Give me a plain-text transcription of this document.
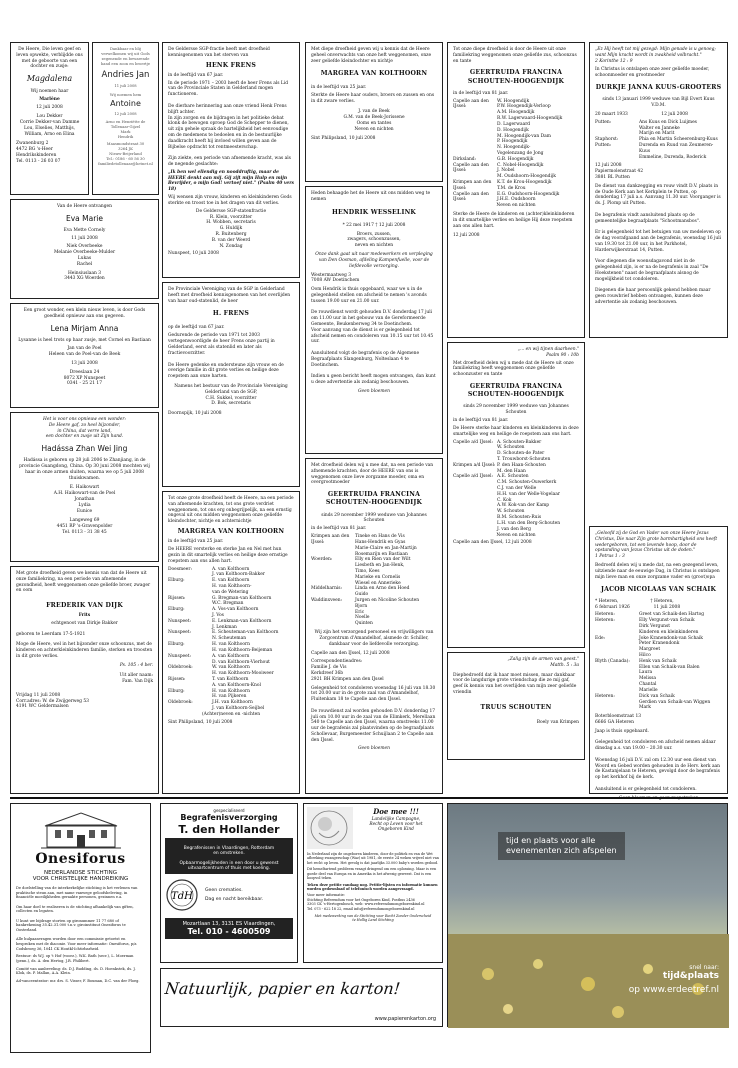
De Heere, Die leven geef en leven opwekte, verblijdde ons met de geboorte van een dochter en zusje:

Magdalena

Wij noemen haar

Marlène

12 juli 2008

Lou Dekker
Corrie Dekker-van Damme
Lou, Elselies, Matthijs, William, Arno en Elina

Zwanenburg 2
4472 BG 's-Heer Hendrikskinderen
Tel. 0113 - 26 03 07

Dankbaar en blij verwelkomen wij uit Gods zegenende en bewarende hand een zoon en broertje

Andries Jan

11 juli 2008

Wij noemen hem

Antoine

12 juli 2008

Arno en Henriëtte de Tollenaar-Gijzel
Mark
Hendrik

Maasmondstraat 30
3264 JK
Nieuw-Beijerland
Tel.: 0186 - 60 56 30
familiedetollenaar@hetnet.nl

Van de Heere ontvangen

Eva Marie

Eva Mette Cornely

11 juli 2008

Niek Overbeeke
Melanie Overbeeke-Mulder
Lukas
Rachel

Heinsiuslaan 3
3443 XG Woerden

Een groot wonder, een klein nieuw leven, is door Gods goedheid opnieuw aan ons gegeven.

Lena Mirjam Anna

Lysanne is heel trots op haar zusje, met Cornel en Bastiaan

Jan van de Poel
Heleen van de Poel-van de Beek

13 juli 2008

Dreeslaan 24
8072 XP Nunspeet
0341 - 25 21 17

Het is voor ons opnieuw een wonder:
De Heere gaf, zo heel bijzonder,
in China, dat verre land,
een dochter en zusje uit Zijn hand.

Hadássa Zhan Wei Jing

Hadássa is geboren op 28 juli 2006 te Zhanjiang, in de provincie Guangdong, China. Op 30 juni 2008 mochten wij haar in onze armen sluiten, waarna we op 5 juli 2008 thuiskwamen.

E. Haikowart
A.H. Haikowart-van de Poel
Jonathan
Lydia
Eunice

Langeweg 69
4451 RP 's-Gravenpolder
Tel. 0113 - 31 38 45

Met grote droefheid geven we kennis van dat de Heere uit onze familiekring, na een periode van afnemende gezondheid, heeft weggenomen onze geliefde broer, zwager en oom

FREDERIK VAN DIJK

Frits

echtgenoot van Dirkje Bakker

geboren te Leerdam 17-5-1921

Moge de Heere, wel in het bijzonder onze schoonzus, met de kinderen en achterkleinkinderen familie, sterken en troosten in dit grote verlies.

Ps. 105 : 4 ber.

Uit aller naam:
Fam. Van Dijk

Vrijdag 11 juli 2008
Corr.adres: W. de Zwijgerweg 53
4191 WC Geldermalsen

De Geldersse SGP-fractie heeft met droefheid kennisgenomen van het sterven van

HENK FRENS

in de leeftijd van 67 jaar.

In de periode 1971 – 2003 heeft de heer Frens als Lid van de Provinciale Staten in Gelderland mogen functioneren.

De dierbare herinnering aan onze vriend Henk Frens blijft achter.
In zijn zorgen en de bijdragen in het politieke debat klonk de bewogen oproep God de Schepper te dienen, uit zijn gehele spraak de hartelijkheid het eenvoudige om de medemens te bedoelen en in de bestuurlijke daadkracht heeft hij invloed willen geven aan de Bijbelse opdracht tot rentmeesterschap.

Zijn ziekte, een periode van afnemende kracht, was als de negende geslachte:

„Ik ben wel ellendig en nooddruftig, maar de HEERE denkt aan mij. Gij zijt mijn Hulp en mijn Bevrijder, o mijn God! vertoef niet." (Psalm 40 vers 18)

Wij wensen zijn vrouw, kinderen en kleinkinderen Gods sterkte en troost toe in het dragen van dit verlies.

De Geldersse SGP-statenfractie
R. Klein, voorzitter
H. Wobben, secretaris
G. Huldijk
R. Buitenberg
B. van der Weerd
N. Zondag

Nunspeet, 10 juli 2008

De Provinciale Vereniging van de SGP in Gelderland heeft met droefheid kennisgenomen van het overlijden van haar oud-statenlid, de heer

H. FRENS

op de leeftijd van 67 jaar.

Gedurende de periode van 1971 tot 2003 vertegenwoordigde de heer Frens onze partij in Gelderland, eerst als statenlid en later als fractievoorzitter.

De Heere gedenke en ondersteune zijn vrouw en de overige familie in dit grote verlies en heilige deze roepstem aan onze harten.

Namens het bestuur van de Provinciale Vereniging Gelderland van de SGP,
C.H. Sukkel, voorzitter
D. Bok, secretaris

Doornspijk, 10 juli 2008

Tot onze grote droefheid heeft de Heere, na een periode van afnemende krachten, tot ons grote verdriet weggenomen, tot ons erg onbegrijpelijk, na een ernstig ongeval uit ons midden weggenomen onze geliefde kleindochter, nichtje en achternichtje

MARGREA VAN KOLTHOORN

in de leeftijd van 25 jaar.

De HEERE versterke en sterke Jan en Nel met hun gezin in dit smartelijk verlies en heilige deze ernstige roepstem aan ons allen hart.

Doesmeer:	A. van Kolthoorn
J. van Kolthoorn-Bakker
Elburg:	E. van Kolthoorn
H. van Kolthoorn-
van de Wetering
Rijssen:	G. Bregman-van Kolthoorn
W.C. Bregman
Elburg:	A. Vos-van Kolthoorn
J. Vos
Nunspeet:	E. Lenkman-van Kolthoorn
J. Lenkman
Nunspeet:	E. Scheuteman-van Kolthoorn
N. Scheuteman
Elburg:	H. van Kolthoorn
H. van Kolthoorn-Beijeman
Nunspeet:	A. van Kolthoorn
D. van Kolthoorn-Vierhout
Oldebroek:	W. van Kolthoorn
H. van Kolthoorn-Mooiweer
Rijssen:	T. van Kolthoorn
A. van Kolthoorn-Knol
Elburg:	H. van Kolthoorn
H. van Pijkeren
Oldebroek:	J.H. van Kolthoorn
J. van Kolthoorn-Seijbel

(Achter)neven en -nichten

Sint Philipsland, 10 juli 2008

Met diepe droefheid geven wij u kennis dat de Heere geheel onverwachts van onze heft weggenomen, onze zeer geliefde kleindochter en nichtje

MARGREA VAN KOLTHOORN

in de leeftijd van 25 jaar.

Sterkte de Heere haar ouders, broers en zussen en ons in dit zware verlies.

J. van de Beek
G.M. van de Beek-Jorissene
Ooms en tantes
Neven en nichten

Sint Philipsland, 10 juli 2008

Heden behaagde het de Heere uit ons midden weg te nemen

HENDRIK WESSELINK

* 22 mei 1917 † 12 juli 2008

Broers, zussen,
zwagers, schoonzussen,
neven en nichten

Onze dank gaat uit naar medewerkers en verpleging van Den Oosman, afdeling Kampenfuelle, voor de liefdevolle verzorging.

Westermaatweg 3
7008 AW Doetinchem

Oom Hendrik is thuis opgebaard, waar we u in de gelegenheid stellen om afscheid te nemen 's avonds tussen 19.00 uur en 21.00 uur.

De rouwdienst wordt gehouden D.V. donderdag 17 juli om 11.00 uur in het gebouw van de Gereformeerde Gemeente, Beukenberweg 34 te Doetinchem.
Voor aanvang van de dienst is er gelegenheid tot afscheid nemen en condoleren van 10.15 uur tot 10.45 uur.

Aansluitend volgt de begrafenis op de Algemene Begraafplaats Slangenburg, Nolteslaan 4 te Doetinchem.

Indien u geen bericht heeft mogen ontvangen, dan kunt u deze advertentie als zodanig beschouwen.

Geen bloemen

Met droefheid delen wij u mee dat, na een periode van afnemende krachten, door de HEERE van ons is weggenomen onze lieve zorgzame moeder, oma en overgrootmoeder

GEERTRUIDA FRANCINA SCHOUTEN-HOOGENDIJK

sinds 29 november 1999 weduwe van Johannes Schouten

in de leeftijd van 81 jaar.

Krimpen aan den IJssel:
Tineke en Hans de Vis
Hans-Hendrik en Gyas
Marie-Claire en Jan-Martijn
Rosemarijn en Bastiaan
Woerden:	Elly en Rien van der Wilt
Liesbeth en Jan-Henk,
Timo, Kees
Marieke en Cornelis
Wiesel en Annerieke
Middelharnis:	Linda en Arno den Hoed
Guido
Waddinxveen:	Jurgen en Nicoline Schouten
Bjorn
Eric
Noelle
Quinten

Wij zijn het verzorgend personeel en vrijwilligers van Zorgcentrum d'Amandelhof, alsmede dr. Schiller, dankbaar voor de liefdevolle verzorging.

Capelle aan den IJssel, 12 juli 2008

Correspondentieadres:
Familie J. de Vis
Kerkdreef 36b
2921 BH Krimpen aan den IJssel

Gelegenheid tot condoleren woensdag 16 juli van 18.30 tot 20.00 uur in de grote zaal van d'Amandelhof, Fluitenkam 18 te Capelle aan den IJssel.

De rouwdienst zal worden gehouden D.V. donderdag 17 juli om 10.00 uur in de zaal van de Elimkerk, Merellaan 540 te Capelle aan den IJssel, waarna omstreeks 11.00 uur de begrafenis zal plaatsvinden op de begraafplaats Schollevaar, Burgemeester Schuijlaan 2 te Capelle aan den IJssel.

Geen bloemen

Tot onze diepe droefheid is door de Heere uit onze familiekring weggenomen onze geliefde zus, schoonzus en tante

GEERTRUIDA FRANCINA SCHOUTEN-HOOGENDIJK

in de leeftijd van 81 jaar.

Capelle aan den IJssel:
W. Hoogendijk
P.W. Hoogendijk-Verloop
A.M. Hoogendijk
R.W. Lagerwaard-Hoogendijk
D. Lagerwaard
D. Hoogendijk
M. Hoogendijk-van Dam
P. Hoogendijk
N. Hoogendijk-
Vogelenzang de Jong
Dirksland:	G.B. Hoogendijk
Capelle aan den IJssel:
C. Nobel-Hoogendijk
J. Nobel
M. Oudshoorn-Hoogendijk
Krimpen aan den IJssel:
K.T. de Krou-Hoogendijk
T.M. de Krou
Capelle aan den IJssel:
E.G. Oudshoorn-Hoogendijk
J.H.E. Oudshoorn

Neven en nichten

Sterke de Heere de kinderen en (achter)kleinkinderen in dit smartelijke verlies en heilige Hij deze roepstem aan ons allen hart.

12 juli 2008

„... en wij tijnen daarheen."
Psalm 90 : 10b

Met droefheid delen wij u mede dat de Heere uit onze familiekring heeft weggenomen onze geliefde schoonzuster en tante

GEERTRUIDA FRANCINA SCHOUTEN-HOOGENDIJK

sinds 29 november 1999 weduwe van Johannes Schouten

in de leeftijd van 81 jaar.

De Heere sterke haar kinderen en kleinkinderen in deze smartelijke weg en heilige de roepstem aan ons hart.

Capelle a/d IJssel: A. Schouten-Bakker
W. Schouten
D. Schouten-de Pater
T. Trouwborst-Schouten
Krimpen a/d IJssel: P. den Haan-Schouten
M. den Haan
Capelle a/d IJssel: A.E. Schouten
C.M. Schouten-Ouwerkerk
C.J. van der Welle
H.H. van der Welle-Vogelaar
C. Kok
A.W. Kok-van der Kamp
W. Schouten
B.M. Schouten-Ruis
L.H. van den Berg-Schouten
J. van den Berg

Neven en nichten

Capelle aan den IJssel, 12 juli 2008

„Zalig zijn de armen van geest."
Matth. 5 : 3a

Diepbedroefd dat ik haar moet missen, maar dankbaar voor de langdurige grote vriendschap die ze mij gaf, geef ik kennis van het overlijden van mijn zeer geliefde vriendin

TRUUS SCHOUTEN

Boely van Krimpen

„Ez Hij heeft tot mij gezegd: Mijn genade is u genoeg; want Mijn kracht wordt in zwakheid volbracht."
2 Korinthe 12 : 9

In Christus is ontslapen onze zeer geliefde moeder, schoonmoeder en grootmoeder

DURKJE JANNA KUUS-GROOTERS

sinds 13 januari 1999 weduwe van Bijl Evert Kuus V.D.M.

20 maart 1933                        12 juli 2008

Putten:	Ans Kuus en Dick Luijmes
Walter en Janneke
Marijn en Marit
Staphorst:	Phia en Martin Scheerenburg-Kuus
Putten:	Durenda en Ruud van Zeumeren-Kuus
Emmeline, Durenda, Roderick

12 juli 2008
Papiermolenstraat 42
3881 BL Putten

De dienst van dankzegging en rouw vindt D.V. plaats in de Oude Kerk aan het Kerkplein te Putten, op donderdag 17 juli a.s. Aanvang 11.30 uur. Voorganger is ds. J. Plomp uit Putten.

De begrafenis vindt aansluitend plaats op de gemeentelijke begraafplaats "Schootmansbos".

Er is gelegenheid tot het betuigen van uw medeleven op de dag voorafgaand aan de begrafenis, woensdag 16 juli van 19.30 tot 21.00 uur, in het Parkhotel, Harderwijkerstraat 14, Putten.

Voor diegenen die woensdagavond niet in de gelegenheid zijn, is er na de begrafenis in zaal "De Hoekstenen" naast de begraafplaats alsnog de mogelijkheid tot condoleren.

Diegenen die haar persoonlijk gekend hebben maar geen rouwbrief hebben ontvangen, kunnen deze advertentie als zodanig beschouwen.

„Geloofd zij de God en Vader van onze Heere Jezus Christus, Die naar Zijn grote barmhartigheid ons heeft wedergeboren, tot een levende hoop, door de opstanding van Jezus Christus uit de doden."
1 Petrus 1 : 3

Bedroefd delen wij u mede dat, na een gezegend leven, uitziende naar de eeuwige Dag, in Christus is ontslapen mijn lieve man en onze zorgzame vader en (groot)opa

JACOB NICOLAAS VAN SCHAIK

* Heteren,                       † Heteren,
6 februari 1926                 11 juli 2008

Heteren:	Greet van Schaik-den Hartog
Heteren:	Elly Vergunst-van Schaik
Dirk Vergunst
Kinderen en kleinkinderen
Ede:	Joke Kranendonk-van Schaik
Peter Kranendonk
Margreet
Hilco
Blyth (Canada):	Henk van Schaik
Ellen van Schaik-van Balen
Laura
Melissa
Chantal
Marielle
Heteren:	Dick van Schaik
Gerdien van Schaik-van Wiggen
Mark

Boterbloemstraat 13
6666 GA Heteren

Jaap is thuis opgebaard.

Gelegenheid tot condoleren en afscheid nemen aldaar dinsdag a.s. van 19.00 – 20.30 uur.

Woensdag 16 juli D.V. zal om 12.30 uur een dienst van Woord en Gebed worden gehouden in de Herv. kerk aan de Kastanjelaan te Heteren, gevolgd door de begrafenis op het kerkhof bij de kerk.

Aansluitend is er gelegenheid tot condoleren.

Geen bloemen en geen roepstroken

Onesiforus
NEDERLANDSE STICHTING
VOOR CHRISTELIJKE HANDREIKING
De doelstelling van de interkerkelijke stichting is het verlenen van praktische steun aan, met name vanwege geloofsbeleving, in financiële moeilijkheden geraakte personen, gezinnen e.a.

Om haar doel te realiseren is de stichting afhankelijk van giften, collecten en legaten.

U kunt uw bijdrage storten op gironummer 11 77 680 of bankrekening 35.42.31.000 t.n.v. giroinstituut Onesiforus te Oosterland.

Alle hulpaanvragen worden door een commissie getoetst en besproken met de diaconie. Voor meer informatie: Onesiforus, p/a Codsbroeg 36, 1041 CK Houtkl-Ichtirbarheid.
Bestuur: ds W.J. op 't Hof (voorz.), W.K. Bath (secr.), L. Moerman (penn.), ds. A. den Hertog, J.R. Philibert.
Comité van aanbeveling: ds. D.J. Budding, ds. D. Hoenkstek, ds. J. Klok, ds. P. Mallan, A.A. Klein.
Ad-vanceentrator: mr. drs. S. Visser, F. Bouman, D.C. van der Ploeg.
gespecialiseerd
Begrafenisverzorging
T. den Hollander

Begrafenissen in Vlaardingen, Rotterdam
en omstreken.

Opbaarmogelijkheden in een door u gewenst
uitvaartcentrum of thuis met koeling.

TdH

Geen crematies.

Dag en nacht bereikbaar.

Mozartlaan 13, 3131 ES Vlaardingen,
Tel. 010 - 4600509
Doe mee !!!
Landelijke Campagne,
Recht op Leven voor het
Ongeboren Kind
In Nederland zijn de ongeboren kinderen, door de politiek en van de Wet afbreking zwangerschap (Waz) uit 1981, de eerste 24 weken vrijwel niet van het recht op leven. Het gevolg is dat jaarlijks 33.000 baby's worden gedood.
Dit hemeltartend probleem vraagt dringend om een oplossing. Maar is een goede deel van Europa en in Amerika is het afwezig geweest. Dat is een hoopvol teken.
Teken deze petitie vandaag nog. Petitie-lijsten en informatie kunnen worden gedownload of telefonisch worden aangevraagd.
Voor meer informatie:
Stichting Referendum voor het Ongeboren Kind, Postbus 2436
3303 CK 's-Hertogenbosch, web: www.referendumongeborenkind.nl
Tel. 073 - 622 18 22, email info@referendumongeborenkind.nl
Met medewerking van de Stichting voor Recht Zonder Onderscheid
te Hollig Land Stichting
tijd en plaats voor alle
evenementen zich afspelen
snel naar:
tijd&plaats
op www.erdeetref.nl
Natuurlijk, papier en karton!
www.papierenkarton.org
